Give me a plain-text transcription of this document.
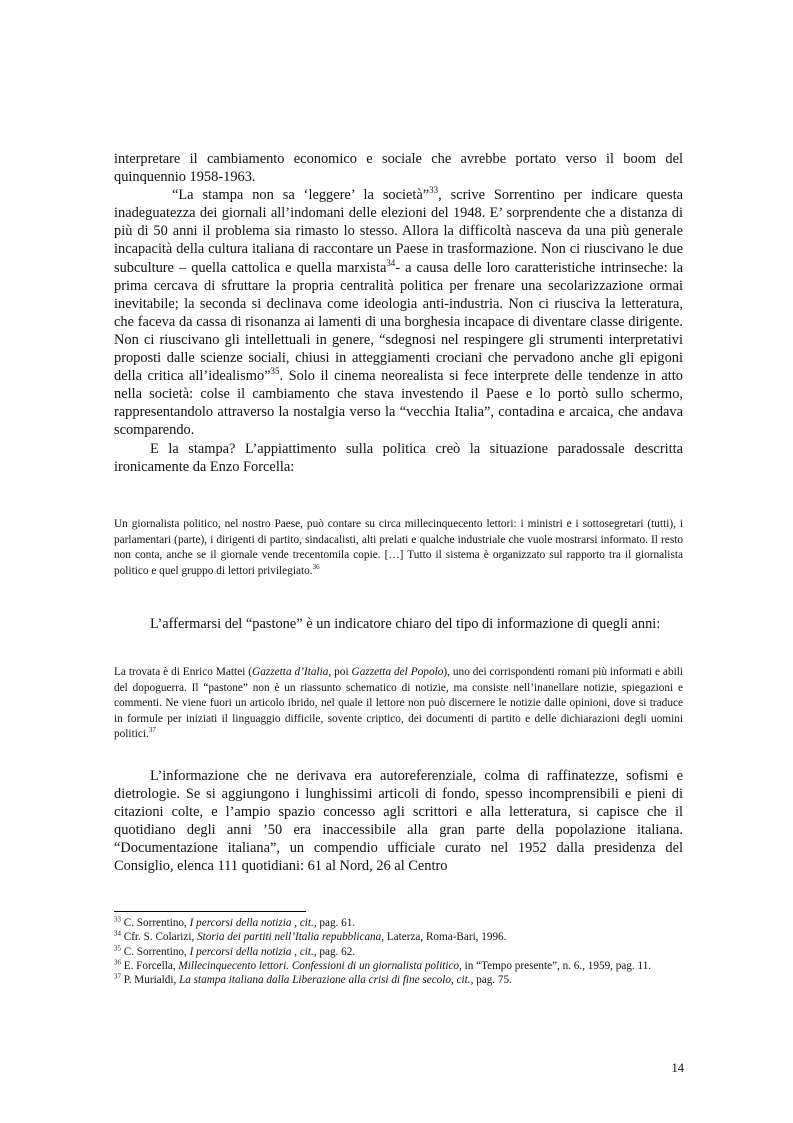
interpretare il cambiamento economico e sociale che avrebbe portato verso il boom del quinquennio 1958-1963.

“La stampa non sa ‘leggere’ la società”$^{33}$, scrive Sorrentino per indicare questa inadeguatezza dei giornali all’indomani delle elezioni del 1948. E’ sorprendente che a distanza di più di 50 anni il problema sia rimasto lo stesso. Allora la difficoltà nasceva da una più generale incapacità della cultura italiana di raccontare un Paese in trasformazione. Non ci riuscivano le due subculture – quella cattolica e quella marxista$^{34}$- a causa delle loro caratteristiche intrinseche: la prima cercava di sfruttare la propria centralità politica per frenare una secolarizzazione ormai inevitabile; la seconda si declinava come ideologia anti-industria. Non ci riusciva la letteratura, che faceva da cassa di risonanza ai lamenti di una borghesia incapace di diventare classe dirigente. Non ci riuscivano gli intellettuali in genere, “sdegnosi nel respingere gli strumenti interpretativi proposti dalle scienze sociali, chiusi in atteggiamenti crociani che pervadono anche gli epigoni della critica all’idealismo”$^{35}$. Solo il cinema neorealista si fece interprete delle tendenze in atto nella società: colse il cambiamento che stava investendo il Paese e lo portò sullo schermo, rappresentandolo attraverso la nostalgia verso la “vecchia Italia”, contadina e arcaica, che andava scomparendo.

E la stampa? L’appiattimento sulla politica creò la situazione paradossale descritta ironicamente da Enzo Forcella:

Un giornalista politico, nel nostro Paese, può contare su circa millecinquecento lettori: i ministri e i sottosegretari (tutti), i parlamentari (parte), i dirigenti di partito, sindacalisti, alti prelati e qualche industriale che vuole mostrarsi informato. Il resto non conta, anche se il giornale vende trecentomila copie. […] Tutto il sistema è organizzato sul rapporto tra il giornalista politico e quel gruppo di lettori privilegiato.$^{36}$

L’affermarsi del “pastone” è un indicatore chiaro del tipo di informazione di quegli anni:

La trovata è di Enrico Mattei (Gazzetta d’Italia, poi Gazzetta del Popolo), uno dei corrispondenti romani più informati e abili del dopoguerra. Il “pastone” non è un riassunto schematico di notizie, ma consiste nell’inanellare notizie, spiegazioni e commenti. Ne viene fuori un articolo ibrido, nel quale il lettore non può discernere le notizie dalle opinioni, dove si traduce in formule per iniziati il linguaggio difficile, sovente criptico, dei documenti di partito e delle dichiarazioni degli uomini politici.$^{37}$

L’informazione che ne derivava era autoreferenziale, colma di raffinatezze, sofismi e dietrologie. Se si aggiungono i lunghissimi articoli di fondo, spesso incomprensibili e pieni di citazioni colte, e l’ampio spazio concesso agli scrittori e alla letteratura, si capisce che il quotidiano degli anni ’50 era inaccessibile alla gran parte della popolazione italiana. “Documentazione italiana”, un compendio ufficiale curato nel 1952 dalla presidenza del Consiglio, elenca 111 quotidiani: 61 al Nord, 26 al Centro

$^{33}$ C. Sorrentino, I percorsi della notizia , cit., pag. 61.

$^{34}$ Cfr. S. Colarizi, Storia dei partiti nell’Italia repubblicana, Laterza, Roma-Bari, 1996.

$^{35}$ C. Sorrentino, I percorsi della notizia , cit., pag. 62.

$^{36}$ E. Forcella, Millecinquecento lettori. Confessioni di un giornalista politico, in “Tempo presente”, n. 6., 1959, pag. 11.

$^{37}$ P. Murialdi, La stampa italiana dalla Liberazione alla crisi di fine secolo, cit., pag. 75.

14
